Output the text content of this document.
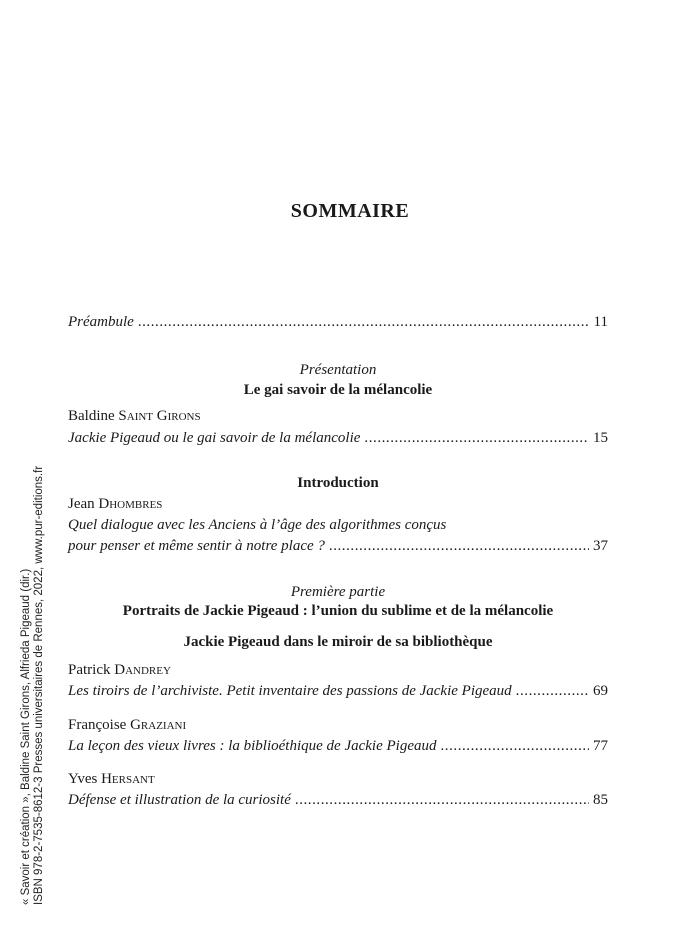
SOMMAIRE
Préambule . . .	11
Présentation
Le gai savoir de la mélancolie
Baldine Saint Girons
Jackie Pigeaud ou le gai savoir de la mélancolie . . .	15
Introduction
Jean Dhombres
Quel dialogue avec les Anciens à l’âge des algorithmes conçus
pour penser et même sentir à notre place ? . . .	37
Première partie
Portraits de Jackie Pigeaud : l’union du sublime et de la mélancolie
Jackie Pigeaud dans le miroir de sa bibliothèque
Patrick Dandrey
Les tiroirs de l’archiviste. Petit inventaire des passions de Jackie Pigeaud . . .	69
Françoise Graziani
La leçon des vieux livres : la biblioéthique de Jackie Pigeaud . . .	77
Yves Hersant
Défense et illustration de la curiosité . . .	85
« Savoir et création », Baldine Saint Girons, Alfrieda Pigeaud (dir.) ISBN 978-2-7535-8612-3 Presses universitaires de Rennes, 2022, www.pur-editions.fr
